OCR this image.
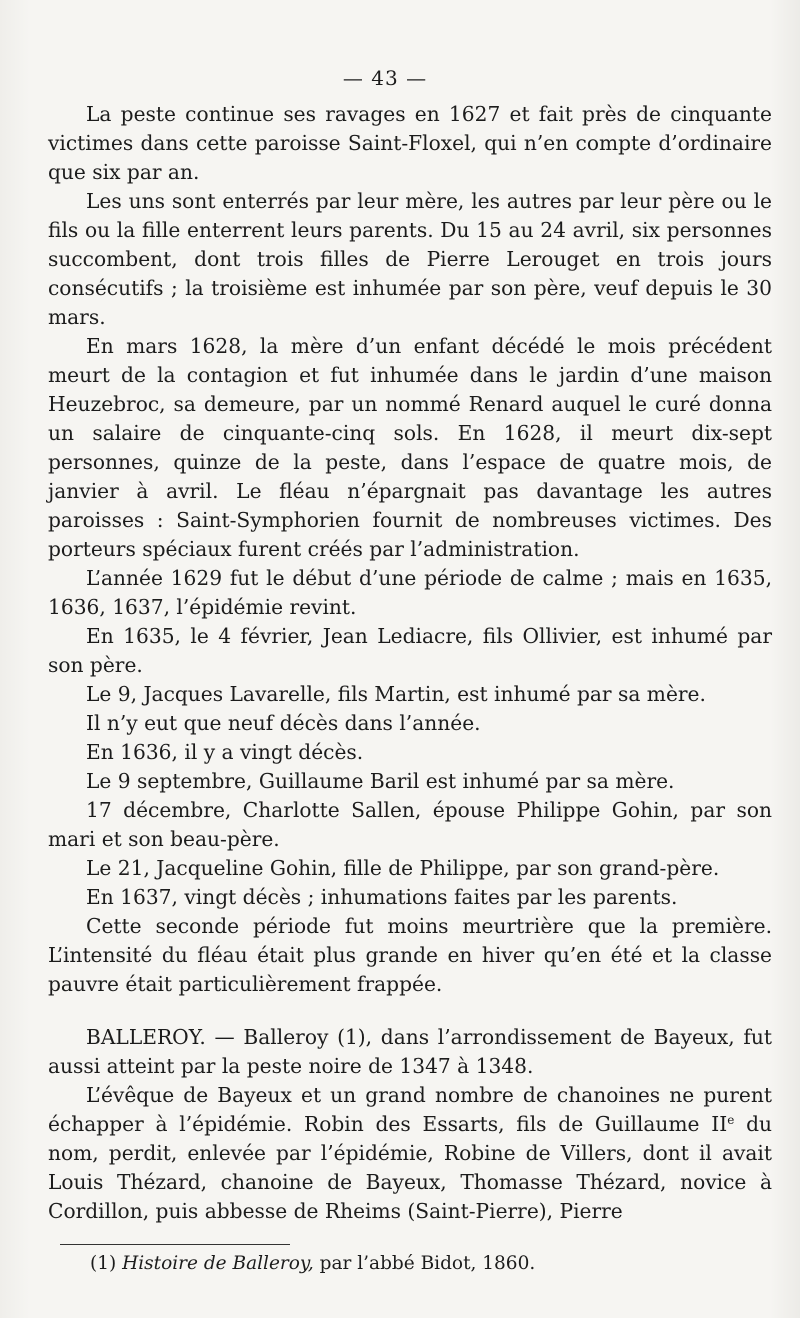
— 43 —

La peste continue ses ravages en 1627 et fait près de cinquante victimes dans cette paroisse Saint-Floxel, qui n’en compte d’ordinaire que six par an.

Les uns sont enterrés par leur mère, les autres par leur père ou le fils ou la fille enterrent leurs parents. Du 15 au 24 avril, six personnes succombent, dont trois filles de Pierre Lerouget en trois jours consécutifs ; la troisième est inhumée par son père, veuf depuis le 30 mars.

En mars 1628, la mère d’un enfant décédé le mois précédent meurt de la contagion et fut inhumée dans le jardin d’une maison Heuzebroc, sa demeure, par un nommé Renard auquel le curé donna un salaire de cinquante-cinq sols. En 1628, il meurt dix-sept personnes, quinze de la peste, dans l’espace de quatre mois, de janvier à avril. Le fléau n’épargnait pas davantage les autres paroisses : Saint-Symphorien fournit de nombreuses victimes. Des porteurs spéciaux furent créés par l’administration.

L’année 1629 fut le début d’une période de calme ; mais en 1635, 1636, 1637, l’épidémie revint.

En 1635, le 4 février, Jean Lediacre, fils Ollivier, est inhumé par son père.

Le 9, Jacques Lavarelle, fils Martin, est inhumé par sa mère.

Il n’y eut que neuf décès dans l’année.

En 1636, il y a vingt décès.

Le 9 septembre, Guillaume Baril est inhumé par sa mère.

17 décembre, Charlotte Sallen, épouse Philippe Gohin, par son mari et son beau-père.

Le 21, Jacqueline Gohin, fille de Philippe, par son grand-père.

En 1637, vingt décès ; inhumations faites par les parents.

Cette seconde période fut moins meurtrière que la première. L’intensité du fléau était plus grande en hiver qu’en été et la classe pauvre était particulièrement frappée.

BALLEROY. — Balleroy (1), dans l’arrondissement de Bayeux, fut aussi atteint par la peste noire de 1347 à 1348.

L’évêque de Bayeux et un grand nombre de chanoines ne purent échapper à l’épidémie. Robin des Essarts, fils de Guillaume IIe du nom, perdit, enlevée par l’épidémie, Robine de Villers, dont il avait Louis Thézard, chanoine de Bayeux, Thomasse Thézard, novice à Cordillon, puis abbesse de Rheims (Saint-Pierre), Pierre

(1) Histoire de Balleroy, par l’abbé Bidot, 1860.
